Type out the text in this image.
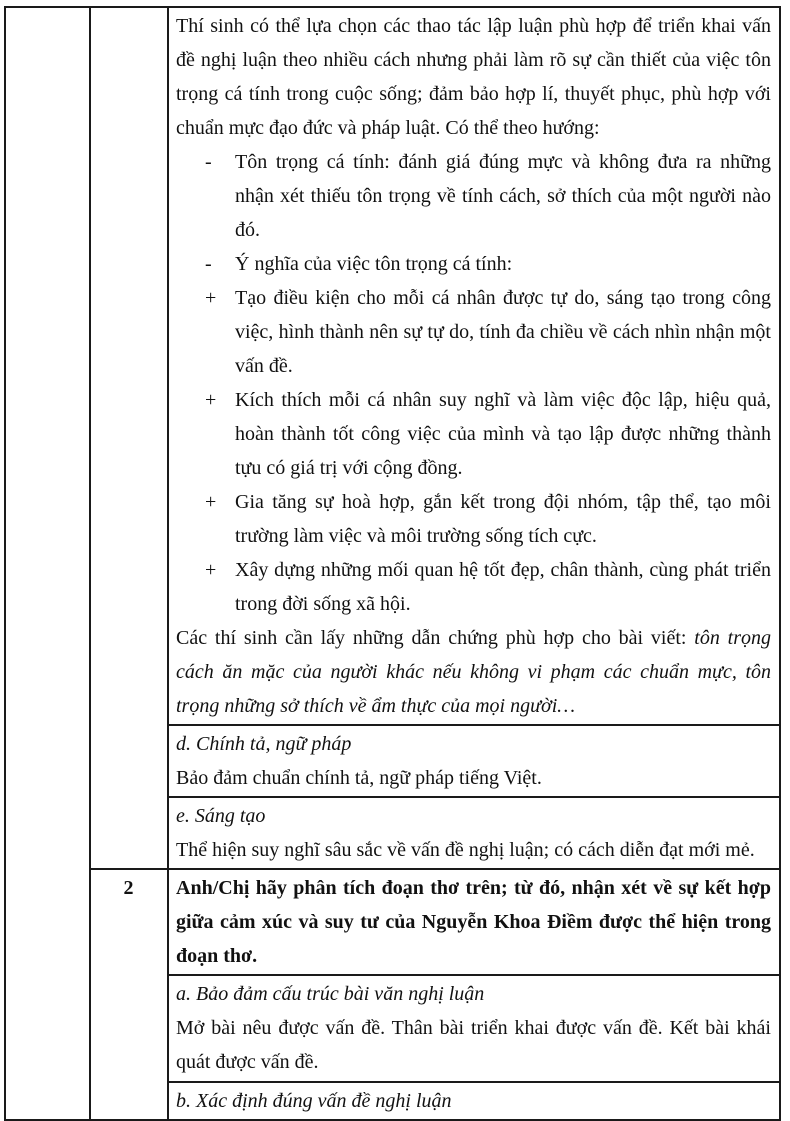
Thí sinh có thể lựa chọn các thao tác lập luận phù hợp để triển khai vấn đề nghị luận theo nhiều cách nhưng phải làm rõ sự cần thiết của việc tôn trọng cá tính trong cuộc sống; đảm bảo hợp lí, thuyết phục, phù hợp với chuẩn mực đạo đức và pháp luật. Có thể theo hướng:

- Tôn trọng cá tính: đánh giá đúng mực và không đưa ra những nhận xét thiếu tôn trọng về tính cách, sở thích của một người nào đó.
- Ý nghĩa của việc tôn trọng cá tính:
+ Tạo điều kiện cho mỗi cá nhân được tự do, sáng tạo trong công việc, hình thành nên sự tự do, tính đa chiều về cách nhìn nhận một vấn đề.
+ Kích thích mỗi cá nhân suy nghĩ và làm việc độc lập, hiệu quả, hoàn thành tốt công việc của mình và tạo lập được những thành tựu có giá trị với cộng đồng.
+ Gia tăng sự hoà hợp, gắn kết trong đội nhóm, tập thể, tạo môi trường làm việc và môi trường sống tích cực.
+ Xây dựng những mối quan hệ tốt đẹp, chân thành, cùng phát triển trong đời sống xã hội.

Các thí sinh cần lấy những dẫn chứng phù hợp cho bài viết: tôn trọng cách ăn mặc của người khác nếu không vi phạm các chuẩn mực, tôn trọng những sở thích về ẩm thực của mọi người…

		d. Chính tả, ngữ pháp

Bảo đảm chuẩn chính tả, ngữ pháp tiếng Việt.

		e. Sáng tạo

Thể hiện suy nghĩ sâu sắc về vấn đề nghị luận; có cách diễn đạt mới mẻ.

	2	Anh/Chị hãy phân tích đoạn thơ trên; từ đó, nhận xét về sự kết hợp giữa cảm xúc và suy tư của Nguyễn Khoa Điềm được thể hiện trong đoạn thơ.

		a. Bảo đảm cấu trúc bài văn nghị luận

Mở bài nêu được vấn đề. Thân bài triển khai được vấn đề. Kết bài khái quát được vấn đề.

		b. Xác định đúng vấn đề nghị luận
